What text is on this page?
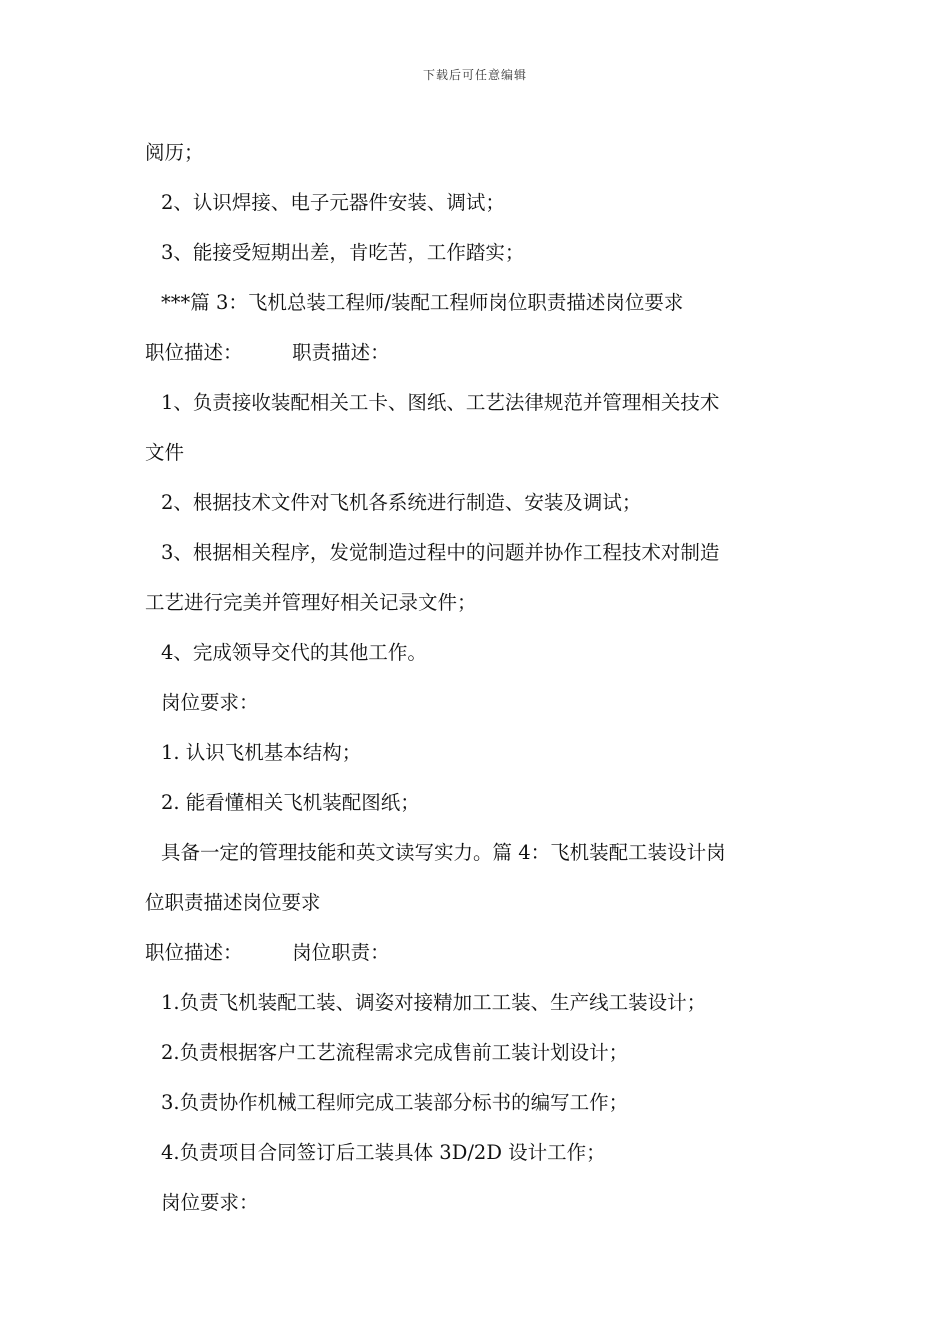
下载后可任意编辑
阅历；
2、认识焊接、电子元器件安装、调试；
3、能接受短期出差，肯吃苦，工作踏实；
***篇 3：飞机总装工程师/装配工程师岗位职责描述岗位要求
职位描述：        职责描述：
1、负责接收装配相关工卡、图纸、工艺法律规范并管理相关技术
文件
2、根据技术文件对飞机各系统进行制造、安装及调试；
3、根据相关程序，发觉制造过程中的问题并协作工程技术对制造
工艺进行完美并管理好相关记录文件；
4、完成领导交代的其他工作。
岗位要求：
1. 认识飞机基本结构；
2. 能看懂相关飞机装配图纸；
具备一定的管理技能和英文读写实力。篇 4：飞机装配工装设计岗
位职责描述岗位要求
职位描述：        岗位职责：
1.负责飞机装配工装、调姿对接精加工工装、生产线工装设计；
2.负责根据客户工艺流程需求完成售前工装计划设计；
3.负责协作机械工程师完成工装部分标书的编写工作；
4.负责项目合同签订后工装具体 3D/2D 设计工作；
岗位要求：
